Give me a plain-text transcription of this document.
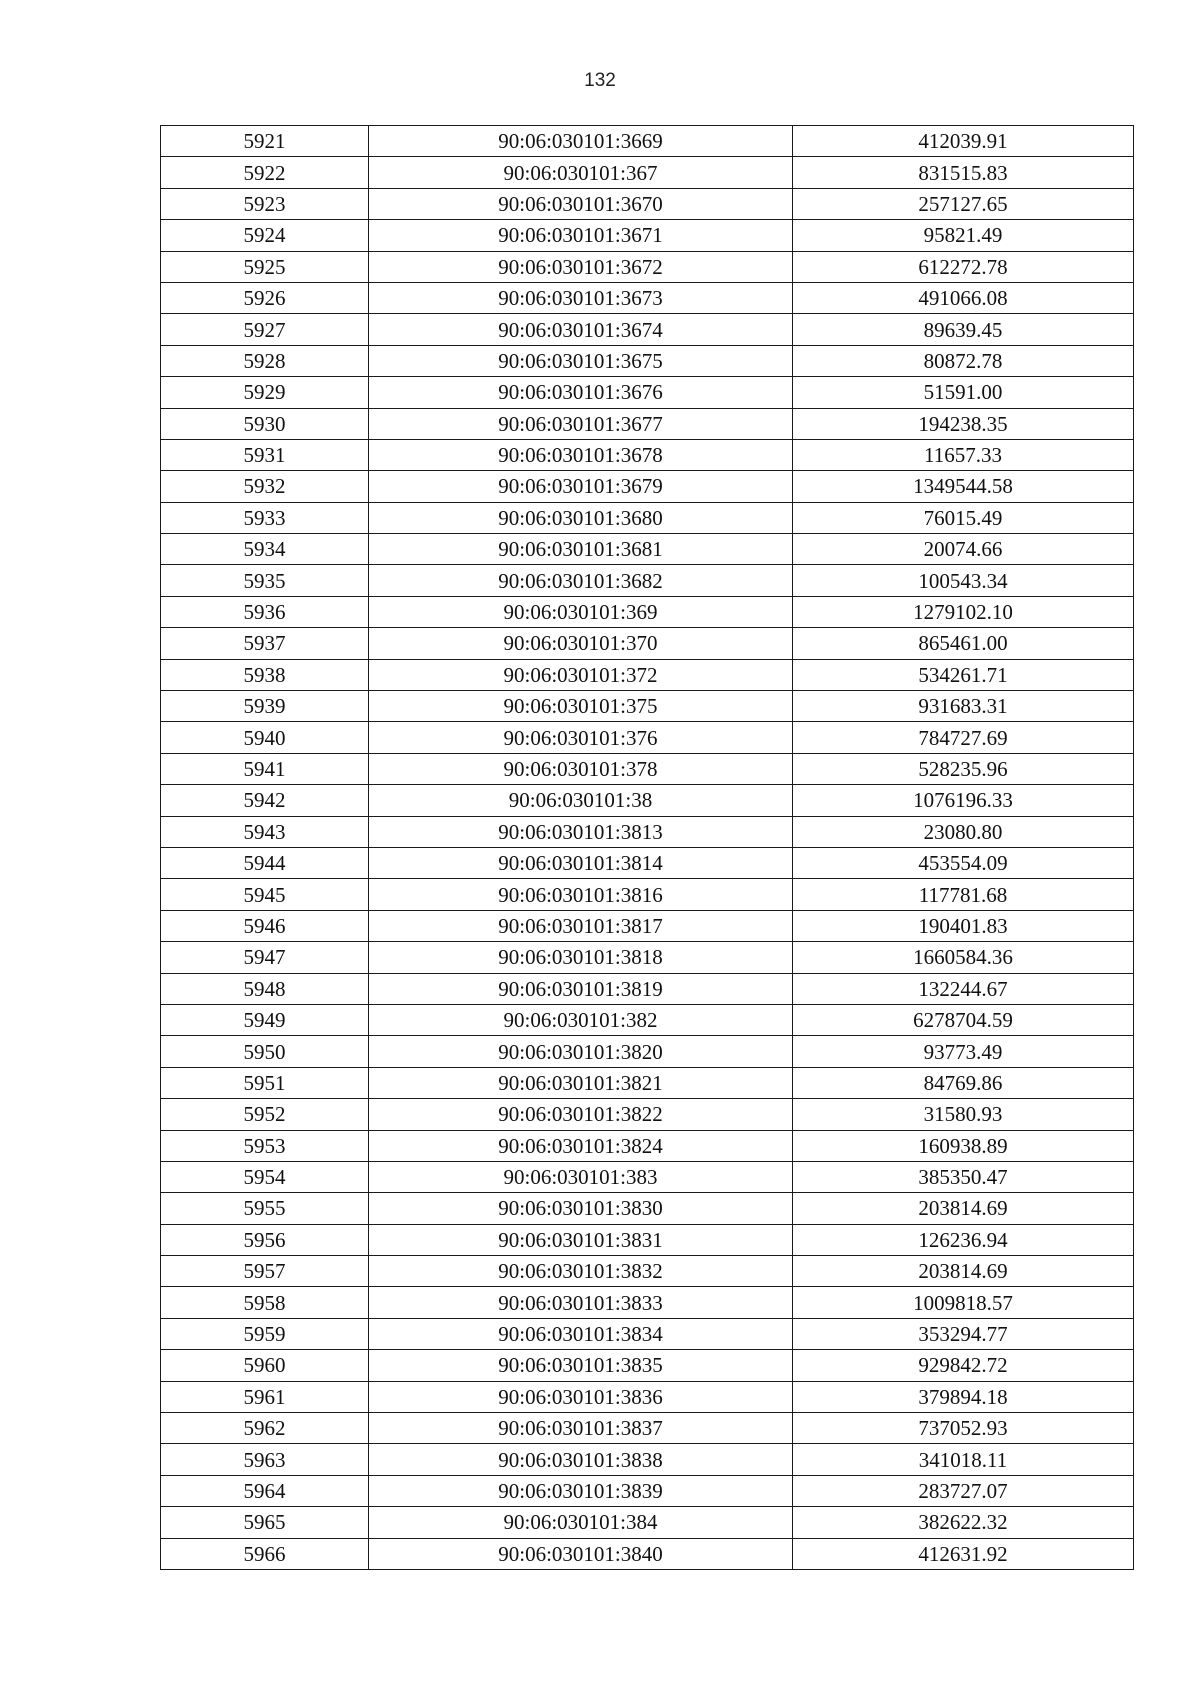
132
5921	90:06:030101:3669	412039.91
5922	90:06:030101:367	831515.83
5923	90:06:030101:3670	257127.65
5924	90:06:030101:3671	95821.49
5925	90:06:030101:3672	612272.78
5926	90:06:030101:3673	491066.08
5927	90:06:030101:3674	89639.45
5928	90:06:030101:3675	80872.78
5929	90:06:030101:3676	51591.00
5930	90:06:030101:3677	194238.35
5931	90:06:030101:3678	11657.33
5932	90:06:030101:3679	1349544.58
5933	90:06:030101:3680	76015.49
5934	90:06:030101:3681	20074.66
5935	90:06:030101:3682	100543.34
5936	90:06:030101:369	1279102.10
5937	90:06:030101:370	865461.00
5938	90:06:030101:372	534261.71
5939	90:06:030101:375	931683.31
5940	90:06:030101:376	784727.69
5941	90:06:030101:378	528235.96
5942	90:06:030101:38	1076196.33
5943	90:06:030101:3813	23080.80
5944	90:06:030101:3814	453554.09
5945	90:06:030101:3816	117781.68
5946	90:06:030101:3817	190401.83
5947	90:06:030101:3818	1660584.36
5948	90:06:030101:3819	132244.67
5949	90:06:030101:382	6278704.59
5950	90:06:030101:3820	93773.49
5951	90:06:030101:3821	84769.86
5952	90:06:030101:3822	31580.93
5953	90:06:030101:3824	160938.89
5954	90:06:030101:383	385350.47
5955	90:06:030101:3830	203814.69
5956	90:06:030101:3831	126236.94
5957	90:06:030101:3832	203814.69
5958	90:06:030101:3833	1009818.57
5959	90:06:030101:3834	353294.77
5960	90:06:030101:3835	929842.72
5961	90:06:030101:3836	379894.18
5962	90:06:030101:3837	737052.93
5963	90:06:030101:3838	341018.11
5964	90:06:030101:3839	283727.07
5965	90:06:030101:384	382622.32
5966	90:06:030101:3840	412631.92
